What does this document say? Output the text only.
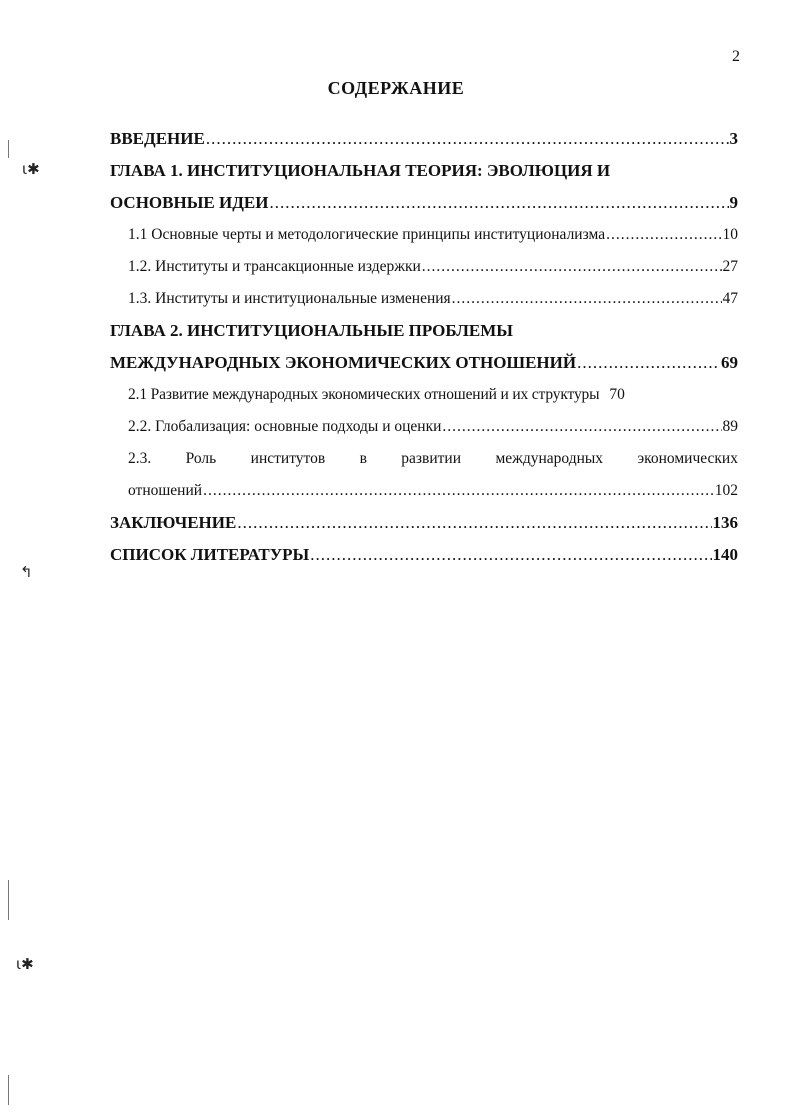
2
СОДЕРЖАНИЕ
ВВЕДЕНИЕ .....	3
ГЛАВА 1. ИНСТИТУЦИОНАЛЬНАЯ ТЕОРИЯ: ЭВОЛЮЦИЯ И
ОСНОВНЫЕ ИДЕИ .....	9
1.1 Основные черты и методологические принципы институционализма .....	10
1.2. Институты и трансакционные издержки .....	27
1.3. Институты и институциональные изменения .....	47
ГЛАВА 2. ИНСТИТУЦИОНАЛЬНЫЕ ПРОБЛЕМЫ
МЕЖДУНАРОДНЫХ ЭКОНОМИЧЕСКИХ ОТНОШЕНИЙ .....	69
2.1 Развитие международных экономических отношений и их структуры 70
2.2. Глобализация: основные подходы и оценки .....	89
2.3. Роль институтов в развитии международных экономических
отношений .....	102
ЗАКЛЮЧЕНИЕ .....	136
СПИСОК ЛИТЕРАТУРЫ .....	140
ɩ✱
↰
ɩ✱
